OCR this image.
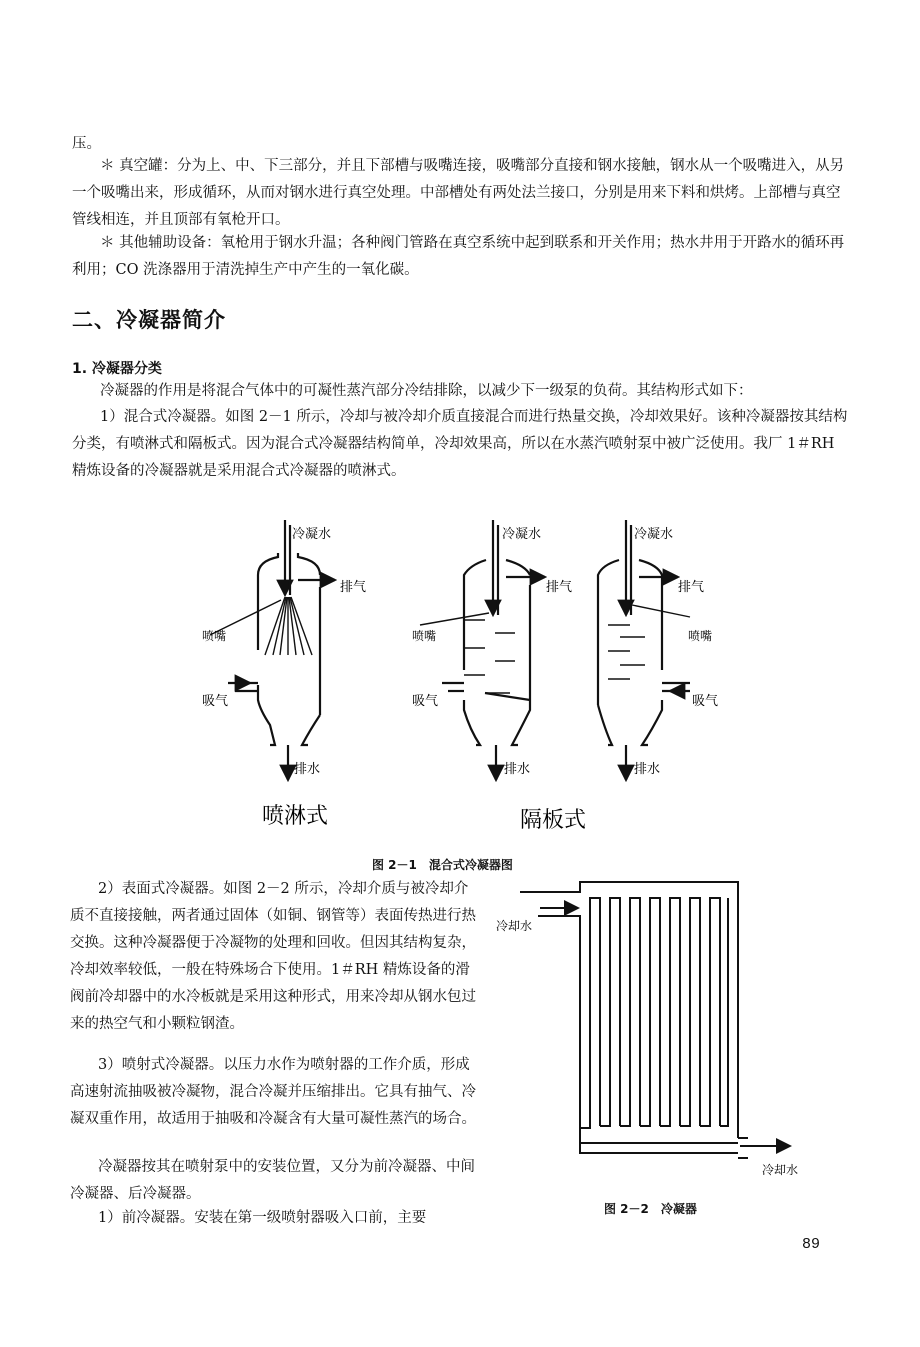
压。

＊ 真空罐：分为上、中、下三部分，并且下部槽与吸嘴连接，吸嘴部分直接和钢水接触，钢水从一个吸嘴进入，从另一个吸嘴出来，形成循环，从而对钢水进行真空处理。中部槽处有两处法兰接口，分别是用来下料和烘烤。上部槽与真空管线相连，并且顶部有氧枪开口。

＊ 其他辅助设备：氧枪用于钢水升温；各种阀门管路在真空系统中起到联系和开关作用；热水井用于开路水的循环再利用；CO 洗涤器用于清洗掉生产中产生的一氧化碳。

二、冷凝器简介
1. 冷凝器分类

冷凝器的作用是将混合气体中的可凝性蒸汽部分冷结排除，以减少下一级泵的负荷。其结构形式如下：

1）混合式冷凝器。如图 2－1 所示，冷却与被冷却介质直接混合而进行热量交换，冷却效果好。该种冷凝器按其结构分类，有喷淋式和隔板式。因为混合式冷凝器结构简单，冷却效果高，所以在水蒸汽喷射泵中被广泛使用。我厂 1＃RH 精炼设备的冷凝器就是采用混合式冷凝器的喷淋式。

冷凝水
排气
喷嘴
吸气
排水
喷淋式
冷凝水
排气
喷嘴
吸气
排水
冷凝水
排气
喷嘴
吸气
排水
隔板式

图 2－1　混合式冷凝器图

2）表面式冷凝器。如图 2－2 所示，冷却介质与被冷却介质不直接接触，两者通过固体（如铜、钢管等）表面传热进行热交换。这种冷凝器便于冷凝物的处理和回收。但因其结构复杂，冷却效率较低，一般在特殊场合下使用。1＃RH 精炼设备的滑阀前冷却器中的水冷板就是采用这种形式，用来冷却从钢水包过来的热空气和小颗粒钢渣。

3）喷射式冷凝器。以压力水作为喷射器的工作介质，形成高速射流抽吸被冷凝物，混合冷凝并压缩排出。它具有抽气、冷凝双重作用，故适用于抽吸和冷凝含有大量可凝性蒸汽的场合。

冷凝器按其在喷射泵中的安装位置，又分为前冷凝器、中间冷凝器、后冷凝器。

1）前冷凝器。安装在第一级喷射器吸入口前，主要

冷却水
冷却水

图 2－2　冷凝器

89
